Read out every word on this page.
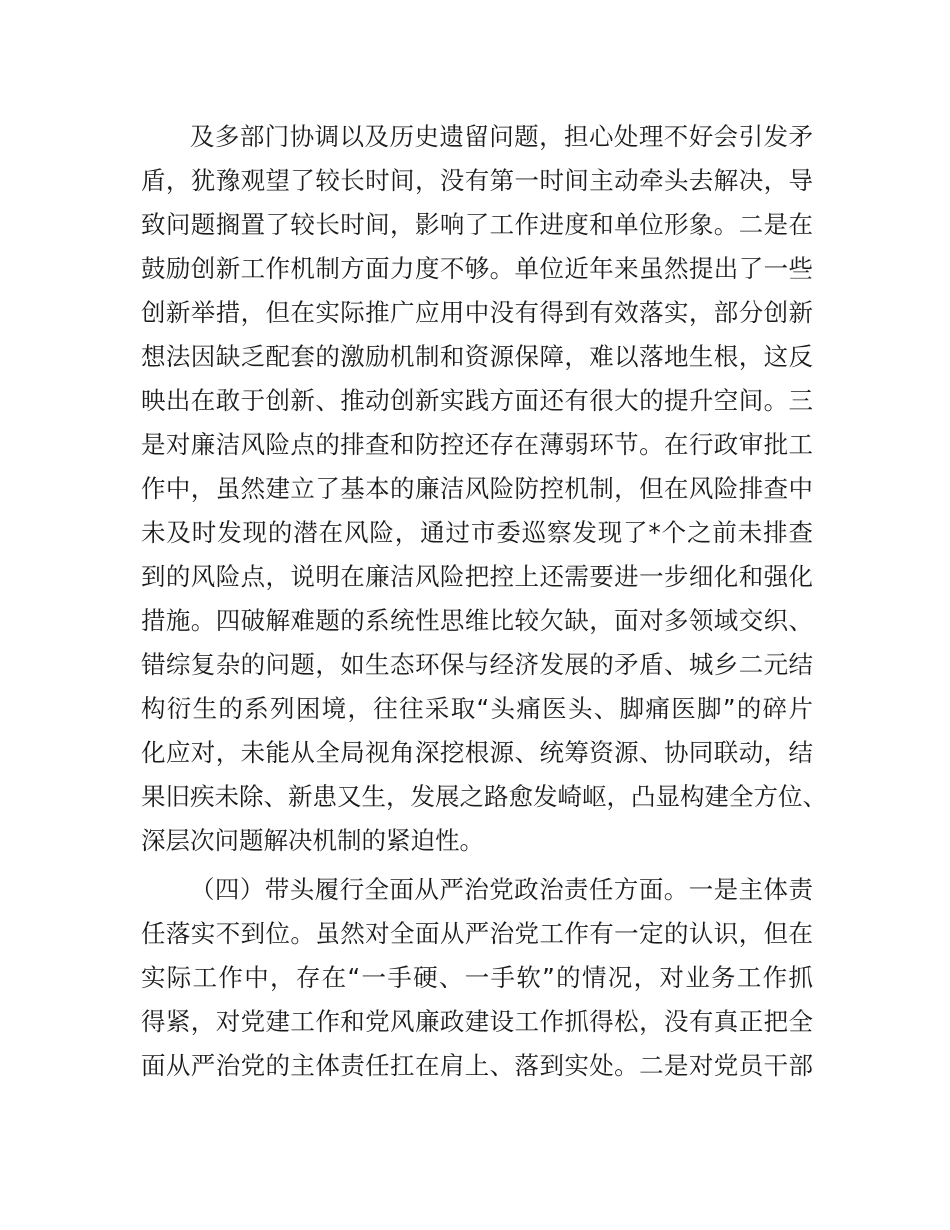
及多部门协调以及历史遗留问题，担心处理不好会引发矛
盾，犹豫观望了较长时间，没有第一时间主动牵头去解决，导
致问题搁置了较长时间，影响了工作进度和单位形象。二是在
鼓励创新工作机制方面力度不够。单位近年来虽然提出了一些
创新举措，但在实际推广应用中没有得到有效落实，部分创新
想法因缺乏配套的激励机制和资源保障，难以落地生根，这反
映出在敢于创新、推动创新实践方面还有很大的提升空间。三
是对廉洁风险点的排查和防控还存在薄弱环节。在行政审批工
作中，虽然建立了基本的廉洁风险防控机制，但在风险排查中
未及时发现的潜在风险，通过市委巡察发现了*个之前未排查
到的风险点，说明在廉洁风险把控上还需要进一步细化和强化
措施。四破解难题的系统性思维比较欠缺，面对多领域交织、
错综复杂的问题，如生态环保与经济发展的矛盾、城乡二元结
构衍生的系列困境，往往采取“头痛医头、脚痛医脚”的碎片
化应对，未能从全局视角深挖根源、统筹资源、协同联动，结
果旧疾未除、新患又生，发展之路愈发崎岖，凸显构建全方位、
深层次问题解决机制的紧迫性。
（四）带头履行全面从严治党政治责任方面。一是主体责
任落实不到位。虽然对全面从严治党工作有一定的认识，但在
实际工作中，存在“一手硬、一手软”的情况，对业务工作抓
得紧，对党建工作和党风廉政建设工作抓得松，没有真正把全
面从严治党的主体责任扛在肩上、落到实处。二是对党员干部
